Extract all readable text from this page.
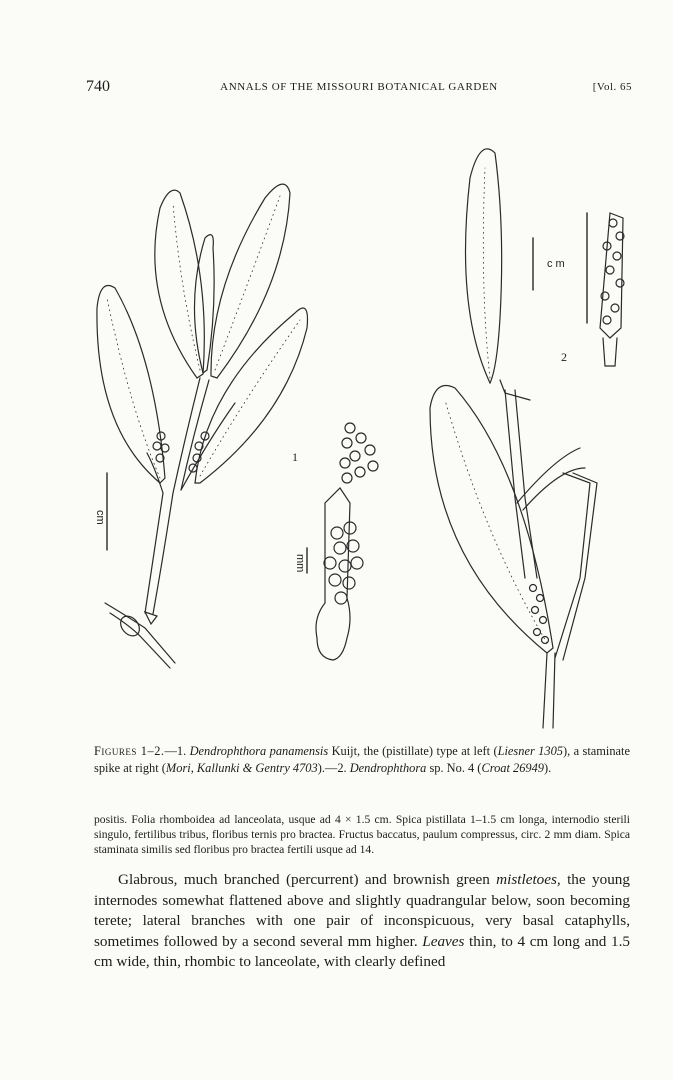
740	ANNALS OF THE MISSOURI BOTANICAL GARDEN	[Vol. 65
1
2
cm
mm
c m
Figures 1–2.—1. Dendrophthora panamensis Kuijt, the (pistillate) type at left (Liesner 1305), a staminate spike at right (Mori, Kallunki & Gentry 4703).—2. Dendrophthora sp. No. 4 (Croat 26949).
positis. Folia rhomboidea ad lanceolata, usque ad 4 × 1.5 cm. Spica pistillata 1–1.5 cm longa, internodio sterili singulo, fertilibus tribus, floribus ternis pro bractea. Fructus baccatus, paulum compressus, circ. 2 mm diam. Spica staminata similis sed floribus pro bractea fertili usque ad 14.

Glabrous, much branched (percurrent) and brownish green mistletoes, the young internodes somewhat flattened above and slightly quadrangular below, soon becoming terete; lateral branches with one pair of inconspicuous, very basal cataphylls, sometimes followed by a second several mm higher. Leaves thin, to 4 cm long and 1.5 cm wide, thin, rhombic to lanceolate, with clearly defined
